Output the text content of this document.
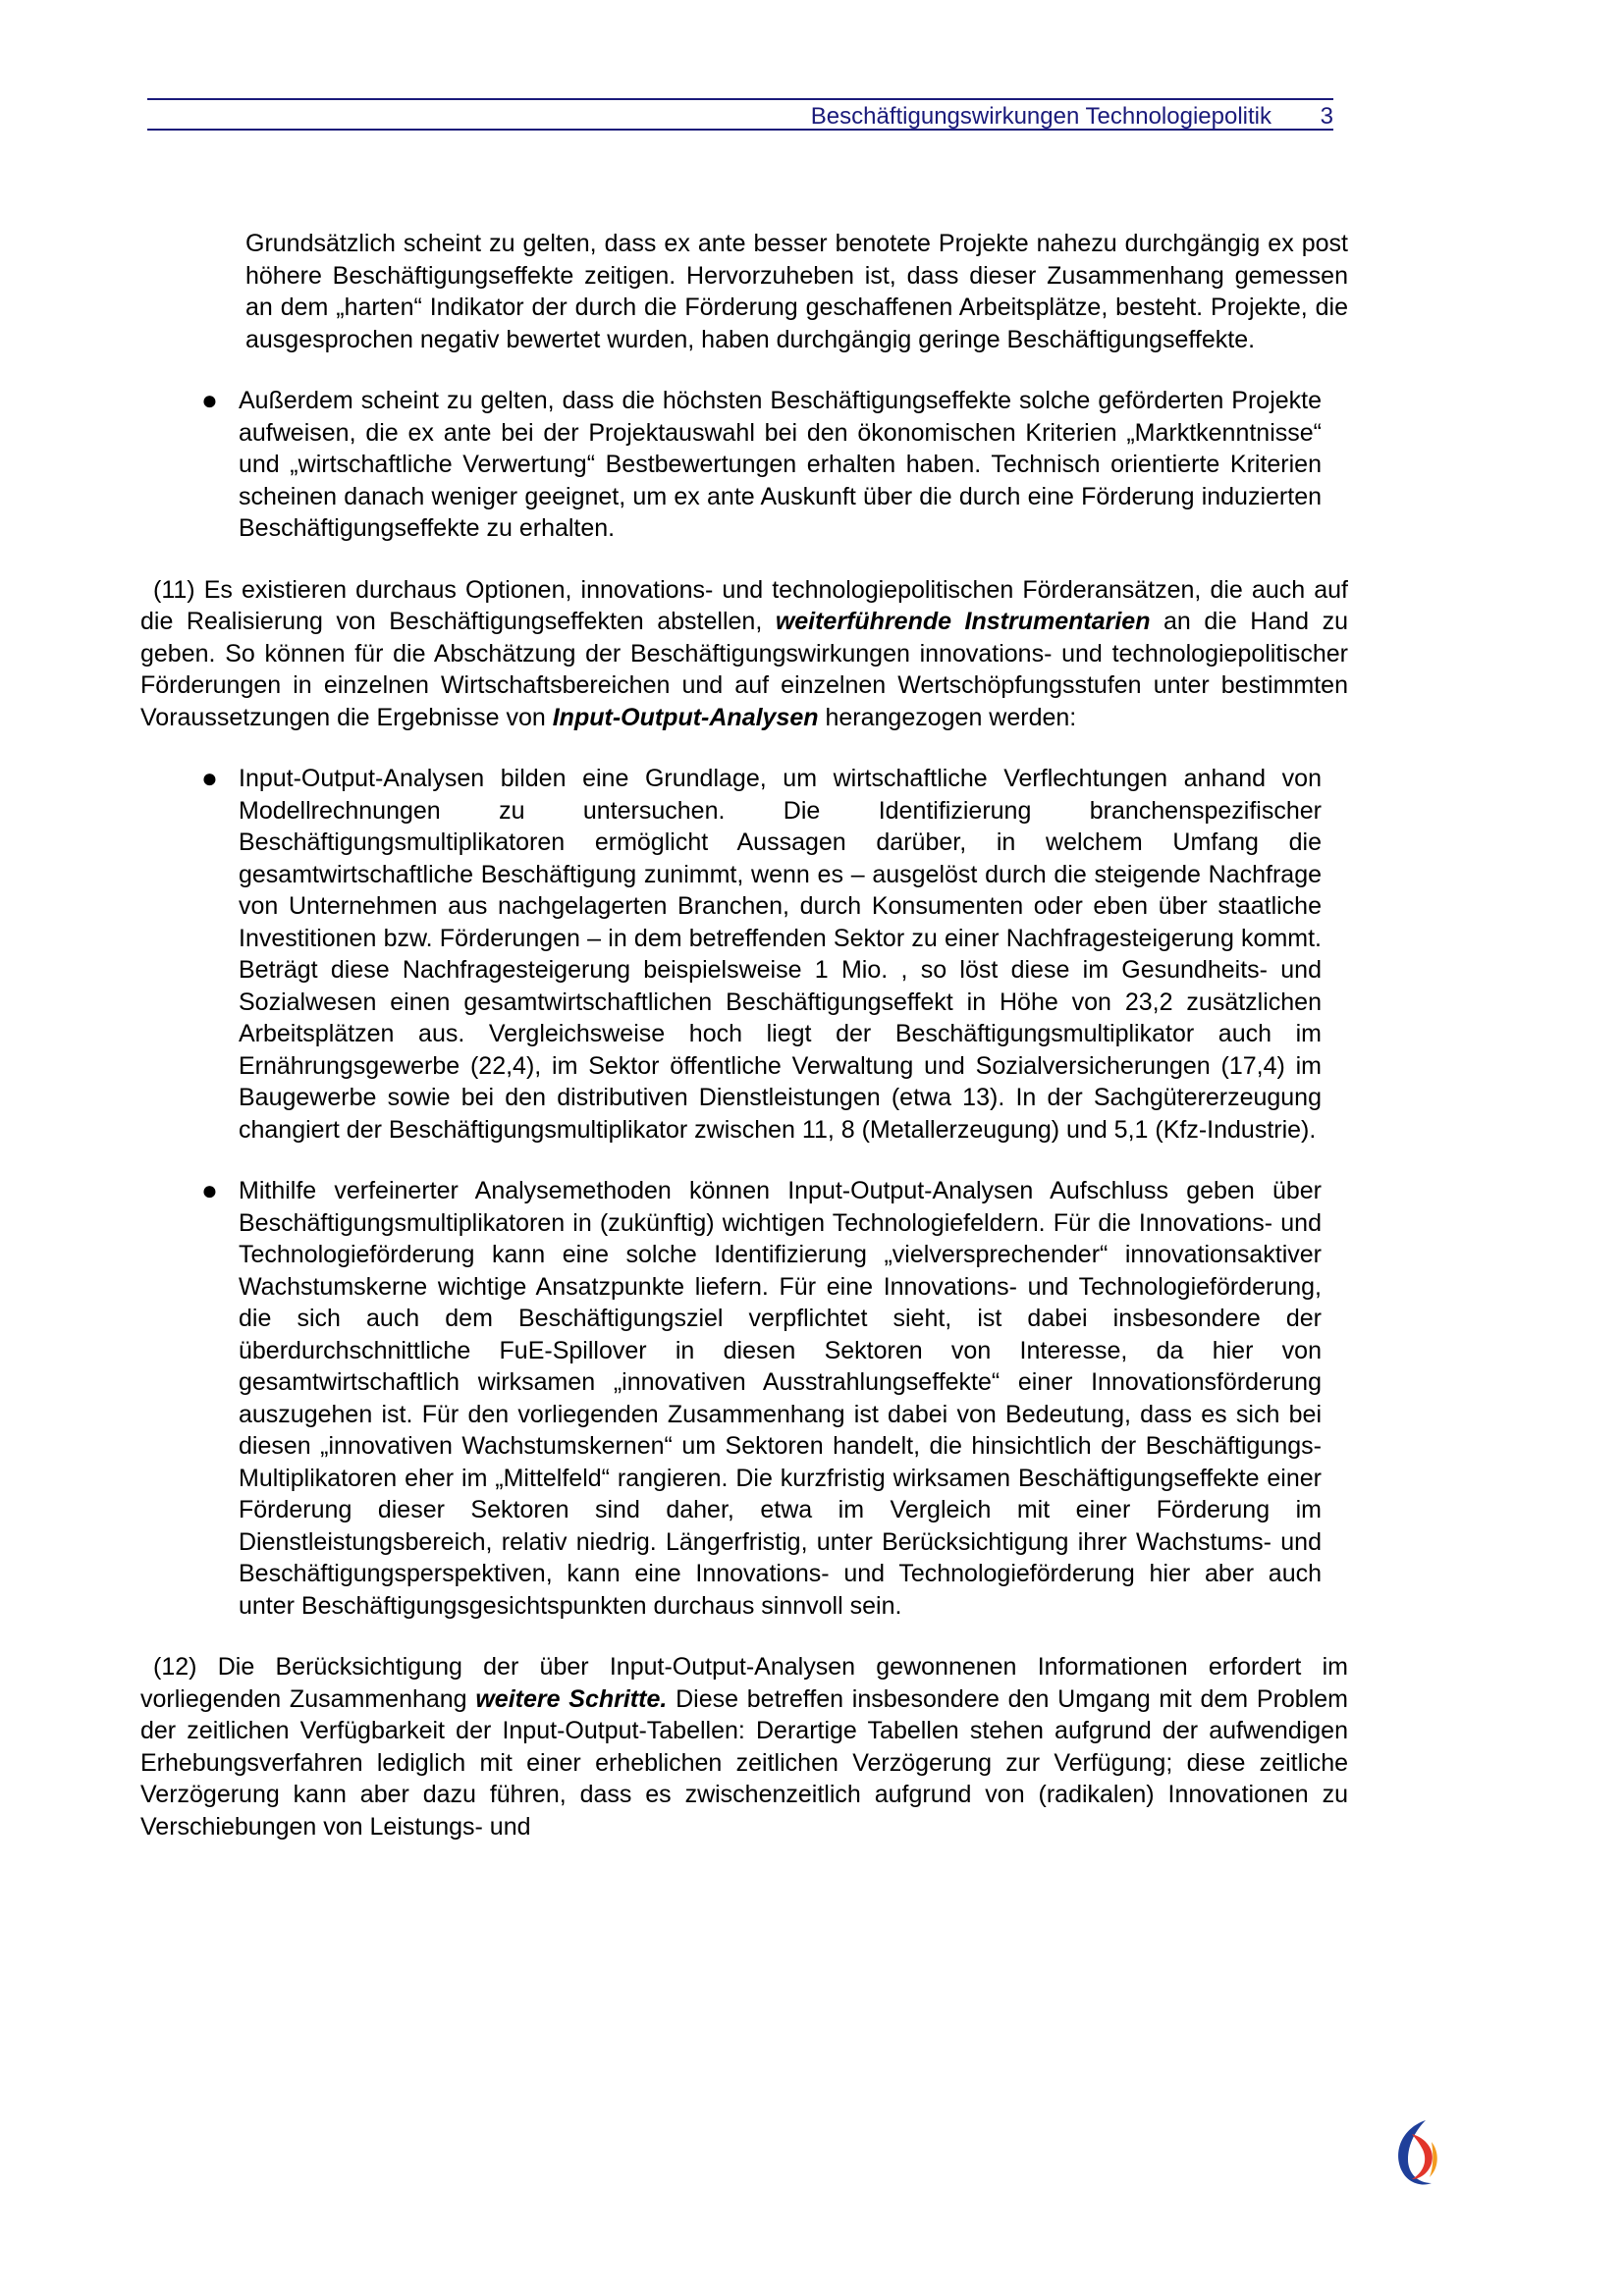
Beschäftigungswirkungen Technologiepolitik 3

Grundsätzlich scheint zu gelten, dass ex ante besser benotete Projekte nahezu durchgängig ex post höhere Beschäftigungseffekte zeitigen. Hervorzuheben ist, dass dieser Zusammenhang gemessen an dem „harten“ Indikator der durch die Förderung geschaffenen Arbeitsplätze, besteht. Projekte, die ausgesprochen negativ bewertet wurden, haben durchgängig geringe Beschäftigungseffekte.

● Außerdem scheint zu gelten, dass die höchsten Beschäftigungseffekte solche geförderten Projekte aufweisen, die ex ante bei der Projektauswahl bei den ökonomischen Kriterien „Marktkenntnisse“ und „wirtschaftliche Verwertung“ Bestbewertungen erhalten haben. Technisch orientierte Kriterien scheinen danach weniger geeignet, um ex ante Auskunft über die durch eine Förderung induzierten Beschäftigungseffekte zu erhalten.

(11) Es existieren durchaus Optionen, innovations- und technologiepolitischen Förderansätzen, die auch auf die Realisierung von Beschäftigungseffekten abstellen, weiterführende Instrumentarien an die Hand zu geben. So können für die Abschätzung der Beschäftigungswirkungen innovations- und technologiepolitischer Förderungen in einzelnen Wirtschaftsbereichen und auf einzelnen Wertschöpfungsstufen unter bestimmten Voraussetzungen die Ergebnisse von Input-Output-Analysen herangezogen werden:

● Input-Output-Analysen bilden eine Grundlage, um wirtschaftliche Verflechtungen anhand von Modellrechnungen zu untersuchen. Die Identifizierung branchenspezifischer Beschäftigungsmultiplikatoren ermöglicht Aussagen darüber, in welchem Umfang die gesamtwirtschaftliche Beschäftigung zunimmt, wenn es – ausgelöst durch die steigende Nachfrage von Unternehmen aus nachgelagerten Branchen, durch Konsumenten oder eben über staatliche Investitionen bzw. Förderungen – in dem betreffenden Sektor zu einer Nachfragesteigerung kommt. Beträgt diese Nachfragesteigerung beispielsweise 1 Mio. , so löst diese im Gesundheits- und Sozialwesen einen gesamtwirtschaftlichen Beschäftigungseffekt in Höhe von 23,2 zusätzlichen Arbeitsplätzen aus. Vergleichsweise hoch liegt der Beschäftigungsmultiplikator auch im Ernährungsgewerbe (22,4), im Sektor öffentliche Verwaltung und Sozialversicherungen (17,4) im Baugewerbe sowie bei den distributiven Dienstleistungen (etwa 13). In der Sachgütererzeugung changiert der Beschäftigungsmultiplikator zwischen 11, 8 (Metallerzeugung) und 5,1 (Kfz-Industrie).
● Mithilfe verfeinerter Analysemethoden können Input-Output-Analysen Aufschluss geben über Beschäftigungsmultiplikatoren in (zukünftig) wichtigen Technologiefeldern. Für die Innovations- und Technologieförderung kann eine solche Identifizierung „vielversprechender“ innovationsaktiver Wachstumskerne wichtige Ansatzpunkte liefern. Für eine Innovations- und Technologieförderung, die sich auch dem Beschäftigungsziel verpflichtet sieht, ist dabei insbesondere der überdurchschnittliche FuE-Spillover in diesen Sektoren von Interesse, da hier von gesamtwirtschaftlich wirksamen „innovativen Ausstrahlungseffekte“ einer Innovationsförderung auszugehen ist. Für den vorliegenden Zusammenhang ist dabei von Bedeutung, dass es sich bei diesen „innovativen Wachstumskernen“ um Sektoren handelt, die hinsichtlich der Beschäftigungs-Multiplikatoren eher im „Mittelfeld“ rangieren. Die kurzfristig wirksamen Beschäftigungseffekte einer Förderung dieser Sektoren sind daher, etwa im Vergleich mit einer Förderung im Dienstleistungsbereich, relativ niedrig. Längerfristig, unter Berücksichtigung ihrer Wachstums- und Beschäftigungsperspektiven, kann eine Innovations- und Technologieförderung hier aber auch unter Beschäftigungsgesichtspunkten durchaus sinnvoll sein.

(12) Die Berücksichtigung der über Input-Output-Analysen gewonnenen Informationen erfordert im vorliegenden Zusammenhang weitere Schritte. Diese betreffen insbesondere den Umgang mit dem Problem der zeitlichen Verfügbarkeit der Input-Output-Tabellen: Derartige Tabellen stehen aufgrund der aufwendigen Erhebungsverfahren lediglich mit einer erheblichen zeitlichen Verzögerung zur Verfügung; diese zeitliche Verzögerung kann aber dazu führen, dass es zwischenzeitlich aufgrund von (radikalen) Innovationen zu Verschiebungen von Leistungs- und
